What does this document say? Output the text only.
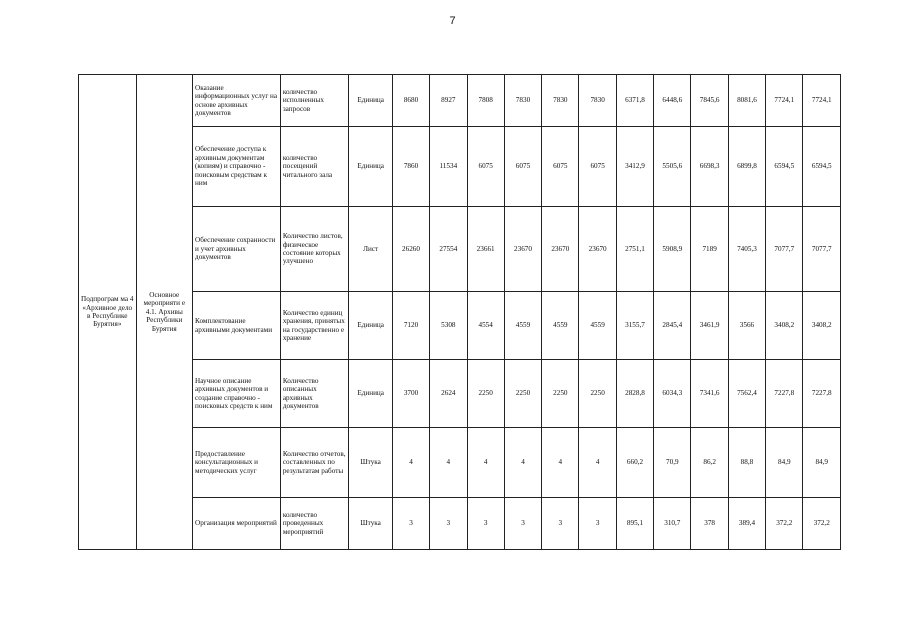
7
Подпрограм ма 4 «Архивное дело в Республике Бурятия»	Основное мероприяти е 4.1. Архивы Республики Бурятия	Оказание информационных услуг на основе архивных документов	количество исполненных запросов	Единица	8680	8927	7808	7830	7830	7830	6371,8	6448,6	7845,6	8081,6	7724,1	7724,1
		Обеспечение доступа к архивным документам (копиям) и справочно - поисковым средствам к ним	количество посещений читального зала	Единица	7860	11534	6075	6075	6075	6075	3412,9	5505,6	6698,3	6899,8	6594,5	6594,5
		Обеспечение сохранности и учет архивных документов	Количество листов, физическое состояние которых улучшено	Лист	26260	27554	23661	23670	23670	23670	2751,1	5908,9	7189	7405,3	7077,7	7077,7
		Комплектование архивными документами	Количество единиц хранения, принятых на государственно е хранение	Единица	7120	5308	4554	4559	4559	4559	3155,7	2845,4	3461,9	3566	3408,2	3408,2
		Научное описание архивных документов и создание справочно - поисковых средств к ним	Количество описанных архивных документов	Единица	3700	2624	2250	2250	2250	2250	2828,8	6034,3	7341,6	7562,4	7227,8	7227,8
		Предоставление консультационных и методических услуг	Количество отчетов, составленных по результатам работы	Штука	4	4	4	4	4	4	660,2	70,9	86,2	88,8	84,9	84,9
		Организация мероприятий	количество проведенных мероприятий	Штука	3	3	3	3	3	3	895,1	310,7	378	389,4	372,2	372,2
